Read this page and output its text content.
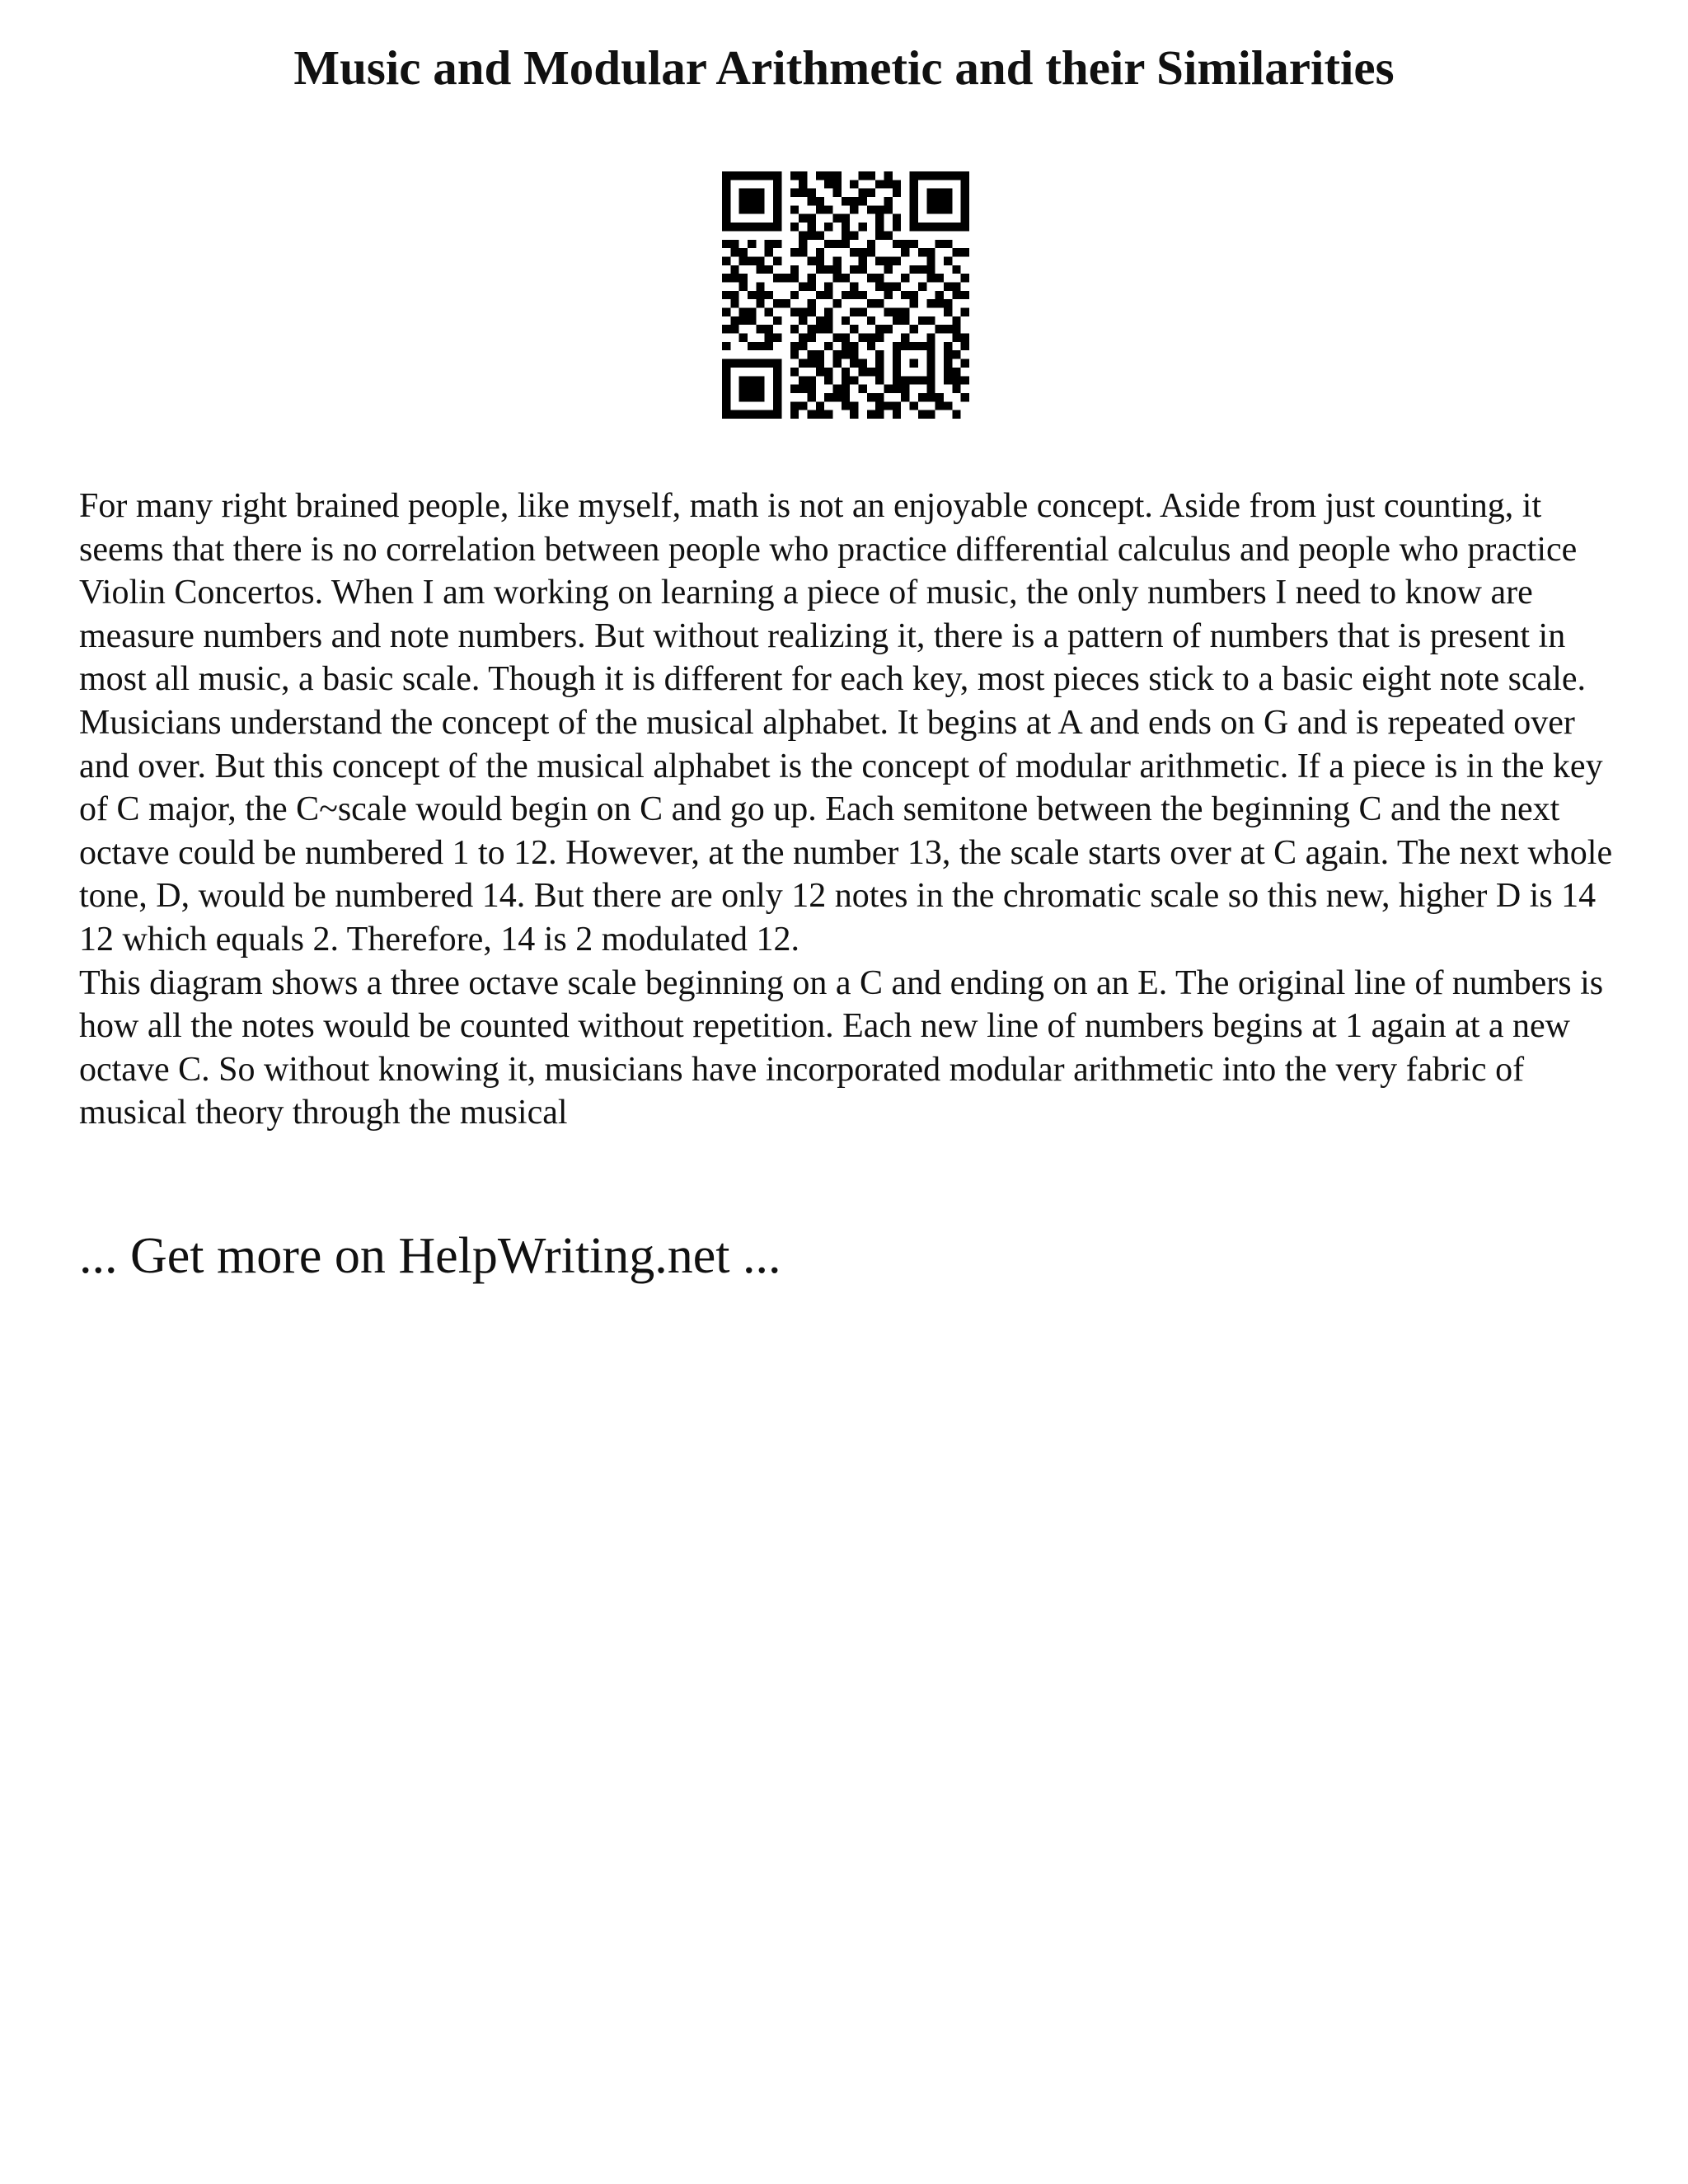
Music and Modular Arithmetic and their Similarities

For many right brained people, like myself, math is not an enjoyable concept. Aside from just counting, it seems that there is no correlation between people who practice differential calculus and people who practice Violin Concertos. When I am working on learning a piece of music, the only numbers I need to know are measure numbers and note numbers. But without realizing it, there is a pattern of numbers that is present in most all music, a basic scale. Though it is different for each key, most pieces stick to a basic eight note scale. Musicians understand the concept of the musical alphabet. It begins at A and ends on G and is repeated over and over. But this concept of the musical alphabet is the concept of modular arithmetic. If a piece is in the key of C major, the C~scale would begin on C and go up. Each semitone between the beginning C and the next octave could be numbered 1 to 12. However, at the number 13, the scale starts over at C again. The next whole tone, D, would be numbered 14. But there are only 12 notes in the chromatic scale so this new, higher D is 14 12 which equals 2. Therefore, 14 is 2 modulated 12.

This diagram shows a three octave scale beginning on a C and ending on an E. The original line of numbers is how all the notes would be counted without repetition. Each new line of numbers begins at 1 again at a new octave C. So without knowing it, musicians have incorporated modular arithmetic into the very fabric of musical theory through the musical

... Get more on HelpWriting.net ...
